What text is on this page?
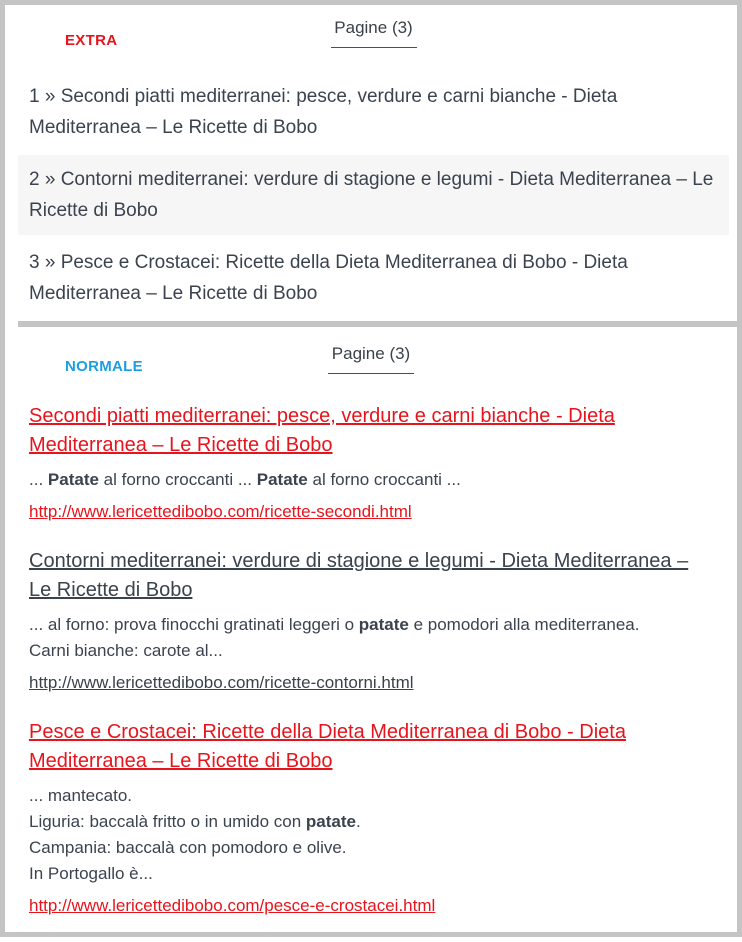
EXTRA
Pagine (3)
1 » Secondi piatti mediterranei: pesce, verdure e carni bianche - Dieta Mediterranea – Le Ricette di Bobo
2 » Contorni mediterranei: verdure di stagione e legumi - Dieta Mediterranea – Le Ricette di Bobo
3 » Pesce e Crostacei: Ricette della Dieta Mediterranea di Bobo - Dieta Mediterranea – Le Ricette di Bobo
NORMALE
Pagine (3)
Secondi piatti mediterranei: pesce, verdure e carni bianche - Dieta Mediterranea – Le Ricette di Bobo
... Patate al forno croccanti ... Patate al forno croccanti ...
http://www.lericettedibobo.com/ricette-secondi.html
Contorni mediterranei: verdure di stagione e legumi - Dieta Mediterranea – Le Ricette di Bobo
... al forno: prova finocchi gratinati leggeri o patate e pomodori alla mediterranea.
Carni bianche: carote al...
http://www.lericettedibobo.com/ricette-contorni.html
Pesce e Crostacei: Ricette della Dieta Mediterranea di Bobo - Dieta Mediterranea – Le Ricette di Bobo
... mantecato.
Liguria: baccalà fritto o in umido con patate.
Campania: baccalà con pomodoro e olive.
In Portogallo è...
http://www.lericettedibobo.com/pesce-e-crostacei.html
